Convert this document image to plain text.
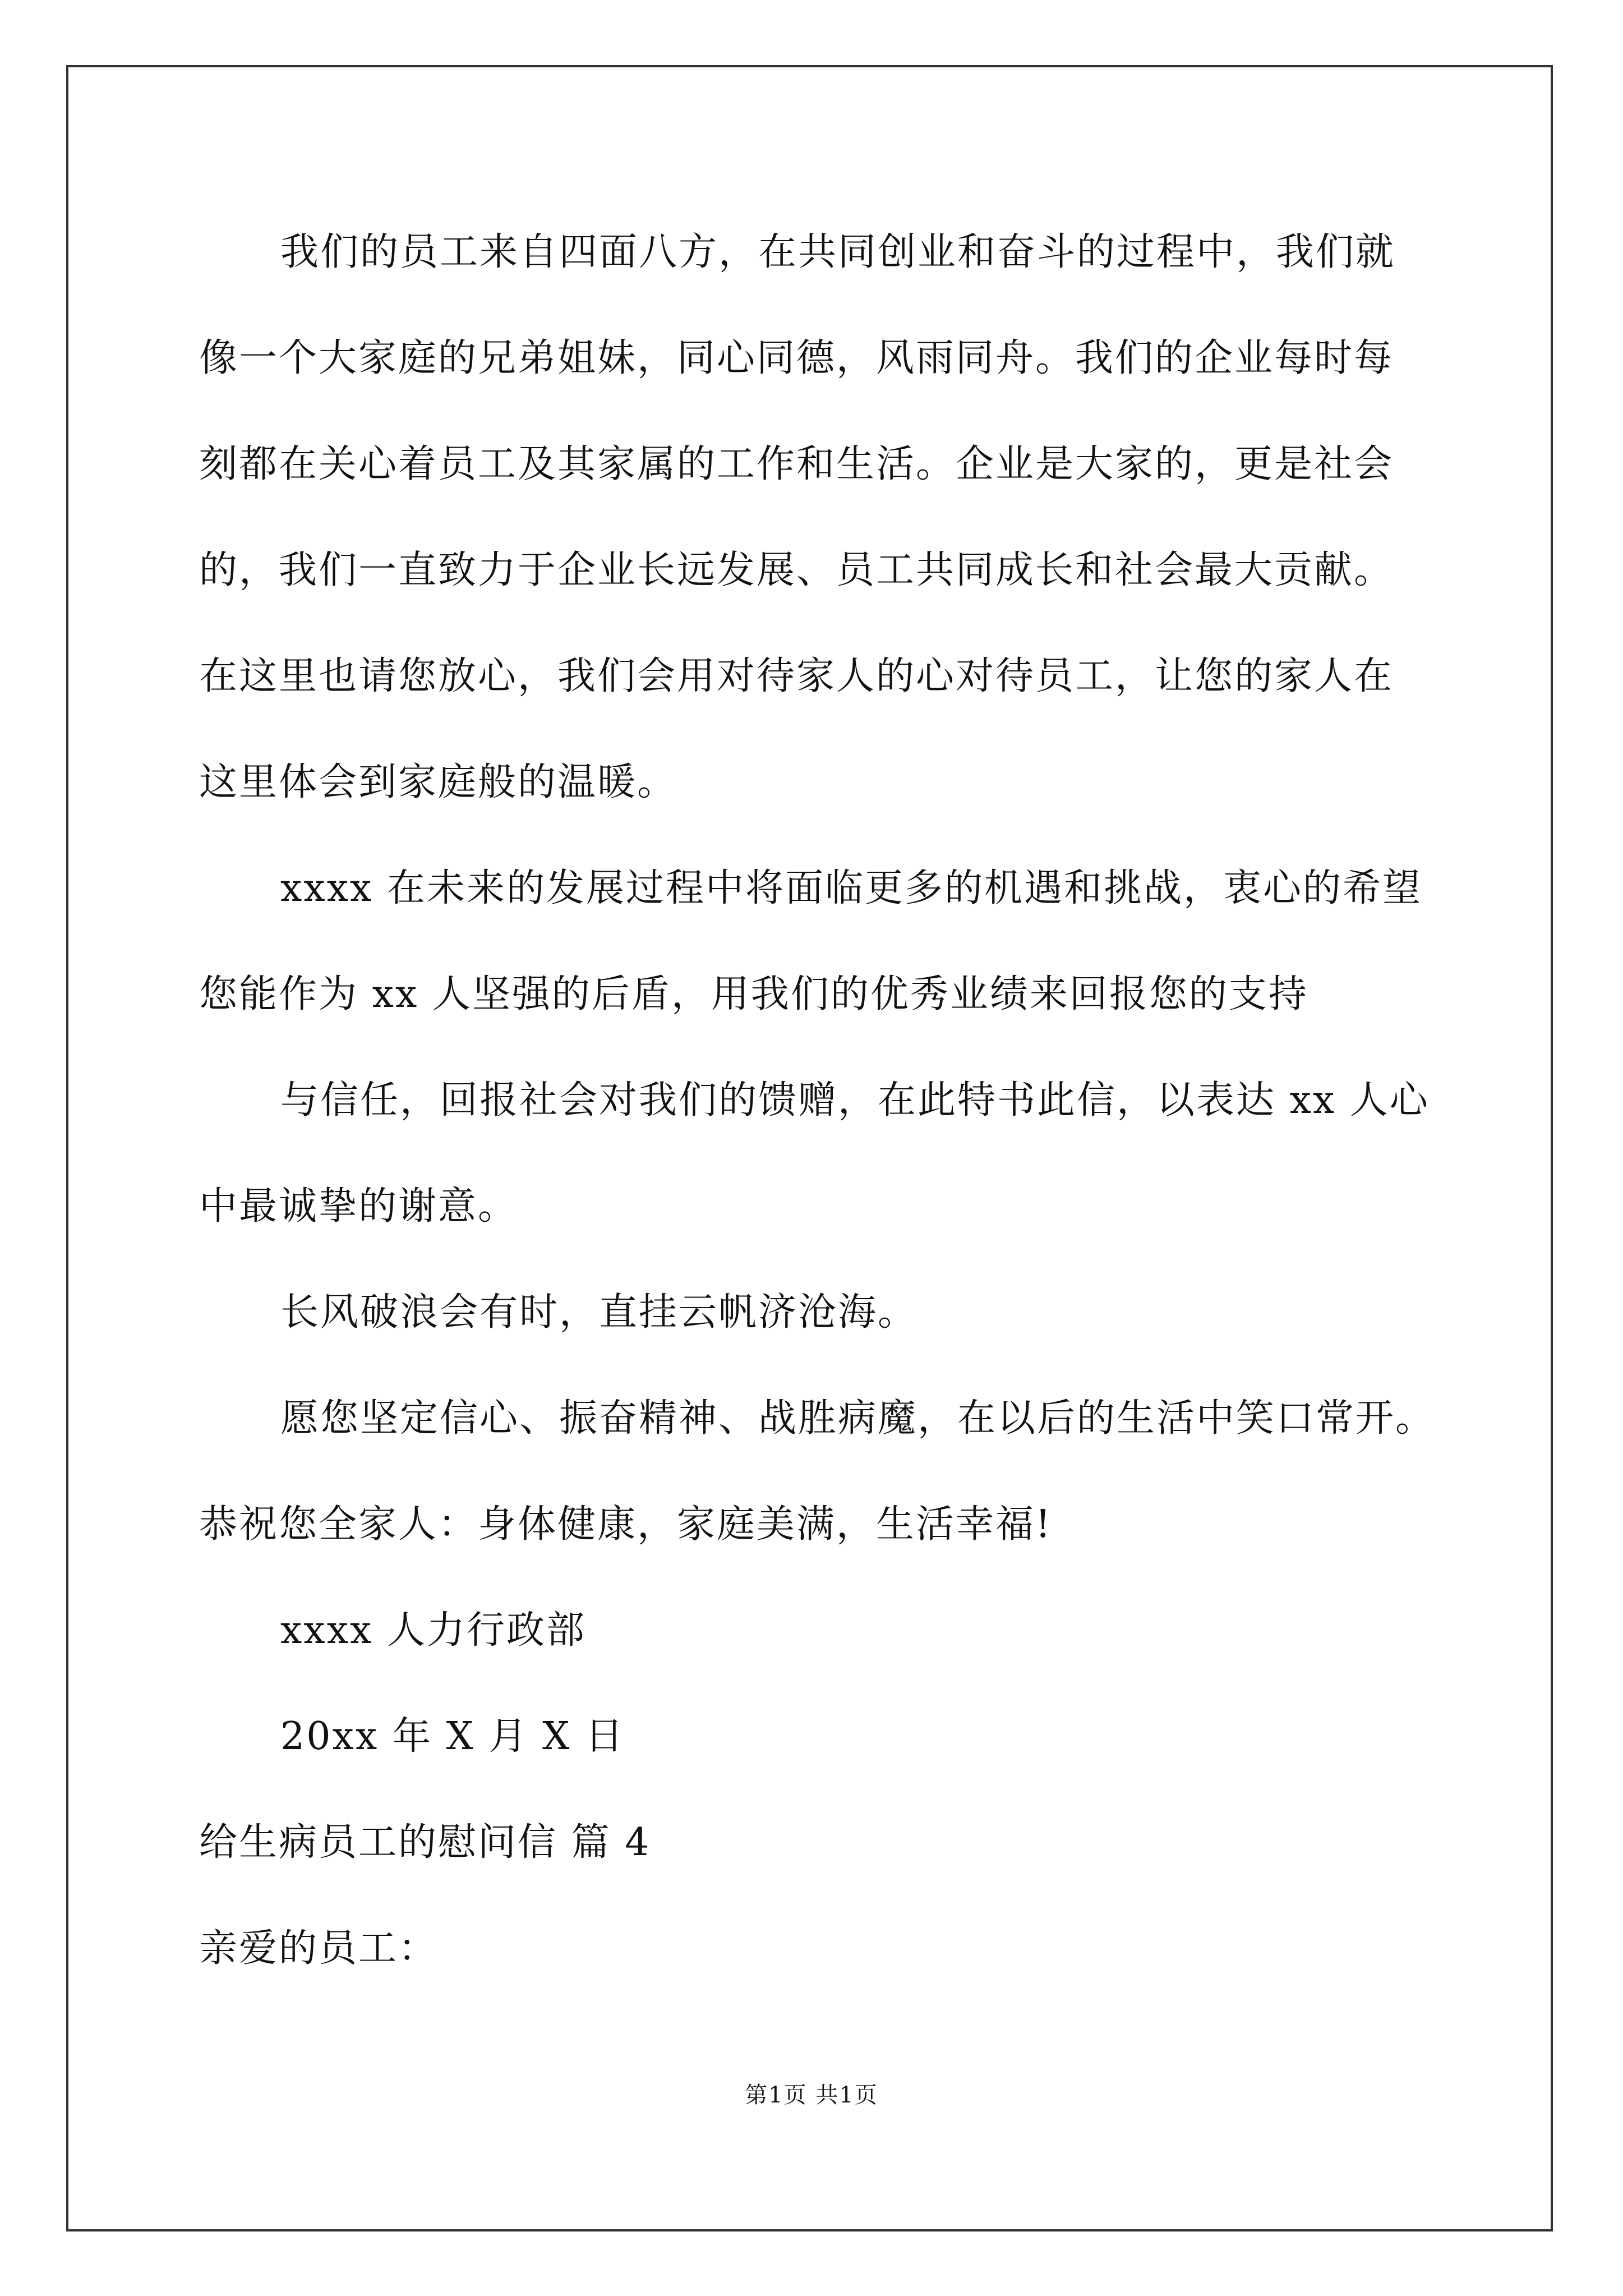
我们的员工来自四面八方，在共同创业和奋斗的过程中，我们就
像一个大家庭的兄弟姐妹，同心同德，风雨同舟。我们的企业每时每
刻都在关心着员工及其家属的工作和生活。企业是大家的，更是社会
的，我们一直致力于企业长远发展、员工共同成长和社会最大贡献。
在这里也请您放心，我们会用对待家人的心对待员工，让您的家人在
这里体会到家庭般的温暖。
xxxx 在未来的发展过程中将面临更多的机遇和挑战，衷心的希望
您能作为 xx 人坚强的后盾，用我们的优秀业绩来回报您的支持
与信任，回报社会对我们的馈赠，在此特书此信，以表达 xx 人心
中最诚挚的谢意。
长风破浪会有时，直挂云帆济沧海。
愿您坚定信心、振奋精神、战胜病魔，在以后的生活中笑口常开。
恭祝您全家人：身体健康，家庭美满，生活幸福!
xxxx 人力行政部
20xx 年 X 月 X 日
给生病员工的慰问信 篇 4
亲爱的员工：
第1页 共1页
